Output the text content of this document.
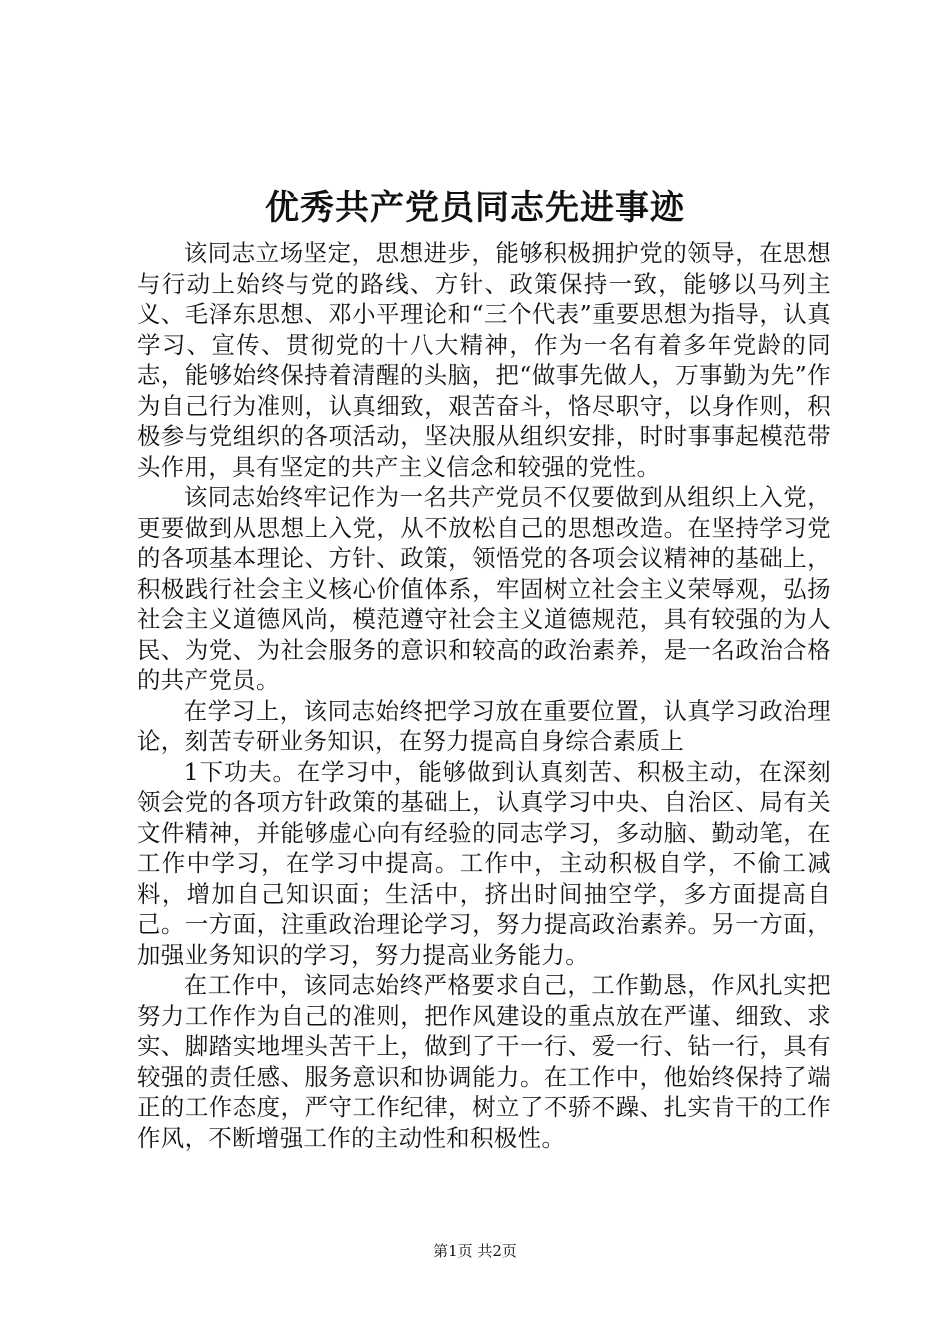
优秀共产党员同志先进事迹

该同志立场坚定，思想进步，能够积极拥护党的领导，在思想与行动上始终与党的路线、方针、政策保持一致，能够以马列主义、毛泽东思想、邓小平理论和“三个代表”重要思想为指导，认真学习、宣传、贯彻党的十八大精神，作为一名有着多年党龄的同志，能够始终保持着清醒的头脑，把“做事先做人，万事勤为先”作为自己行为准则，认真细致，艰苦奋斗，恪尽职守，以身作则，积极参与党组织的各项活动，坚决服从组织安排，时时事事起模范带头作用，具有坚定的共产主义信念和较强的党性。

该同志始终牢记作为一名共产党员不仅要做到从组织上入党，更要做到从思想上入党，从不放松自己的思想改造。在坚持学习党的各项基本理论、方针、政策，领悟党的各项会议精神的基础上，积极践行社会主义核心价值体系，牢固树立社会主义荣辱观，弘扬社会主义道德风尚，模范遵守社会主义道德规范，具有较强的为人民、为党、为社会服务的意识和较高的政治素养，是一名政治合格的共产党员。

在学习上，该同志始终把学习放在重要位置，认真学习政治理论，刻苦专研业务知识，在努力提高自身综合素质上

1下功夫。在学习中，能够做到认真刻苦、积极主动，在深刻领会党的各项方针政策的基础上，认真学习中央、自治区、局有关文件精神，并能够虚心向有经验的同志学习，多动脑、勤动笔，在工作中学习，在学习中提高。工作中，主动积极自学，不偷工减料，增加自己知识面；生活中，挤出时间抽空学，多方面提高自己。一方面，注重政治理论学习，努力提高政治素养。另一方面，加强业务知识的学习，努力提高业务能力。

在工作中，该同志始终严格要求自己，工作勤恳，作风扎实把努力工作作为自己的准则，把作风建设的重点放在严谨、细致、求实、脚踏实地埋头苦干上，做到了干一行、爱一行、钻一行，具有较强的责任感、服务意识和协调能力。在工作中，他始终保持了端正的工作态度，严守工作纪律，树立了不骄不躁、扎实肯干的工作作风，不断增强工作的主动性和积极性。

第1页 共2页
